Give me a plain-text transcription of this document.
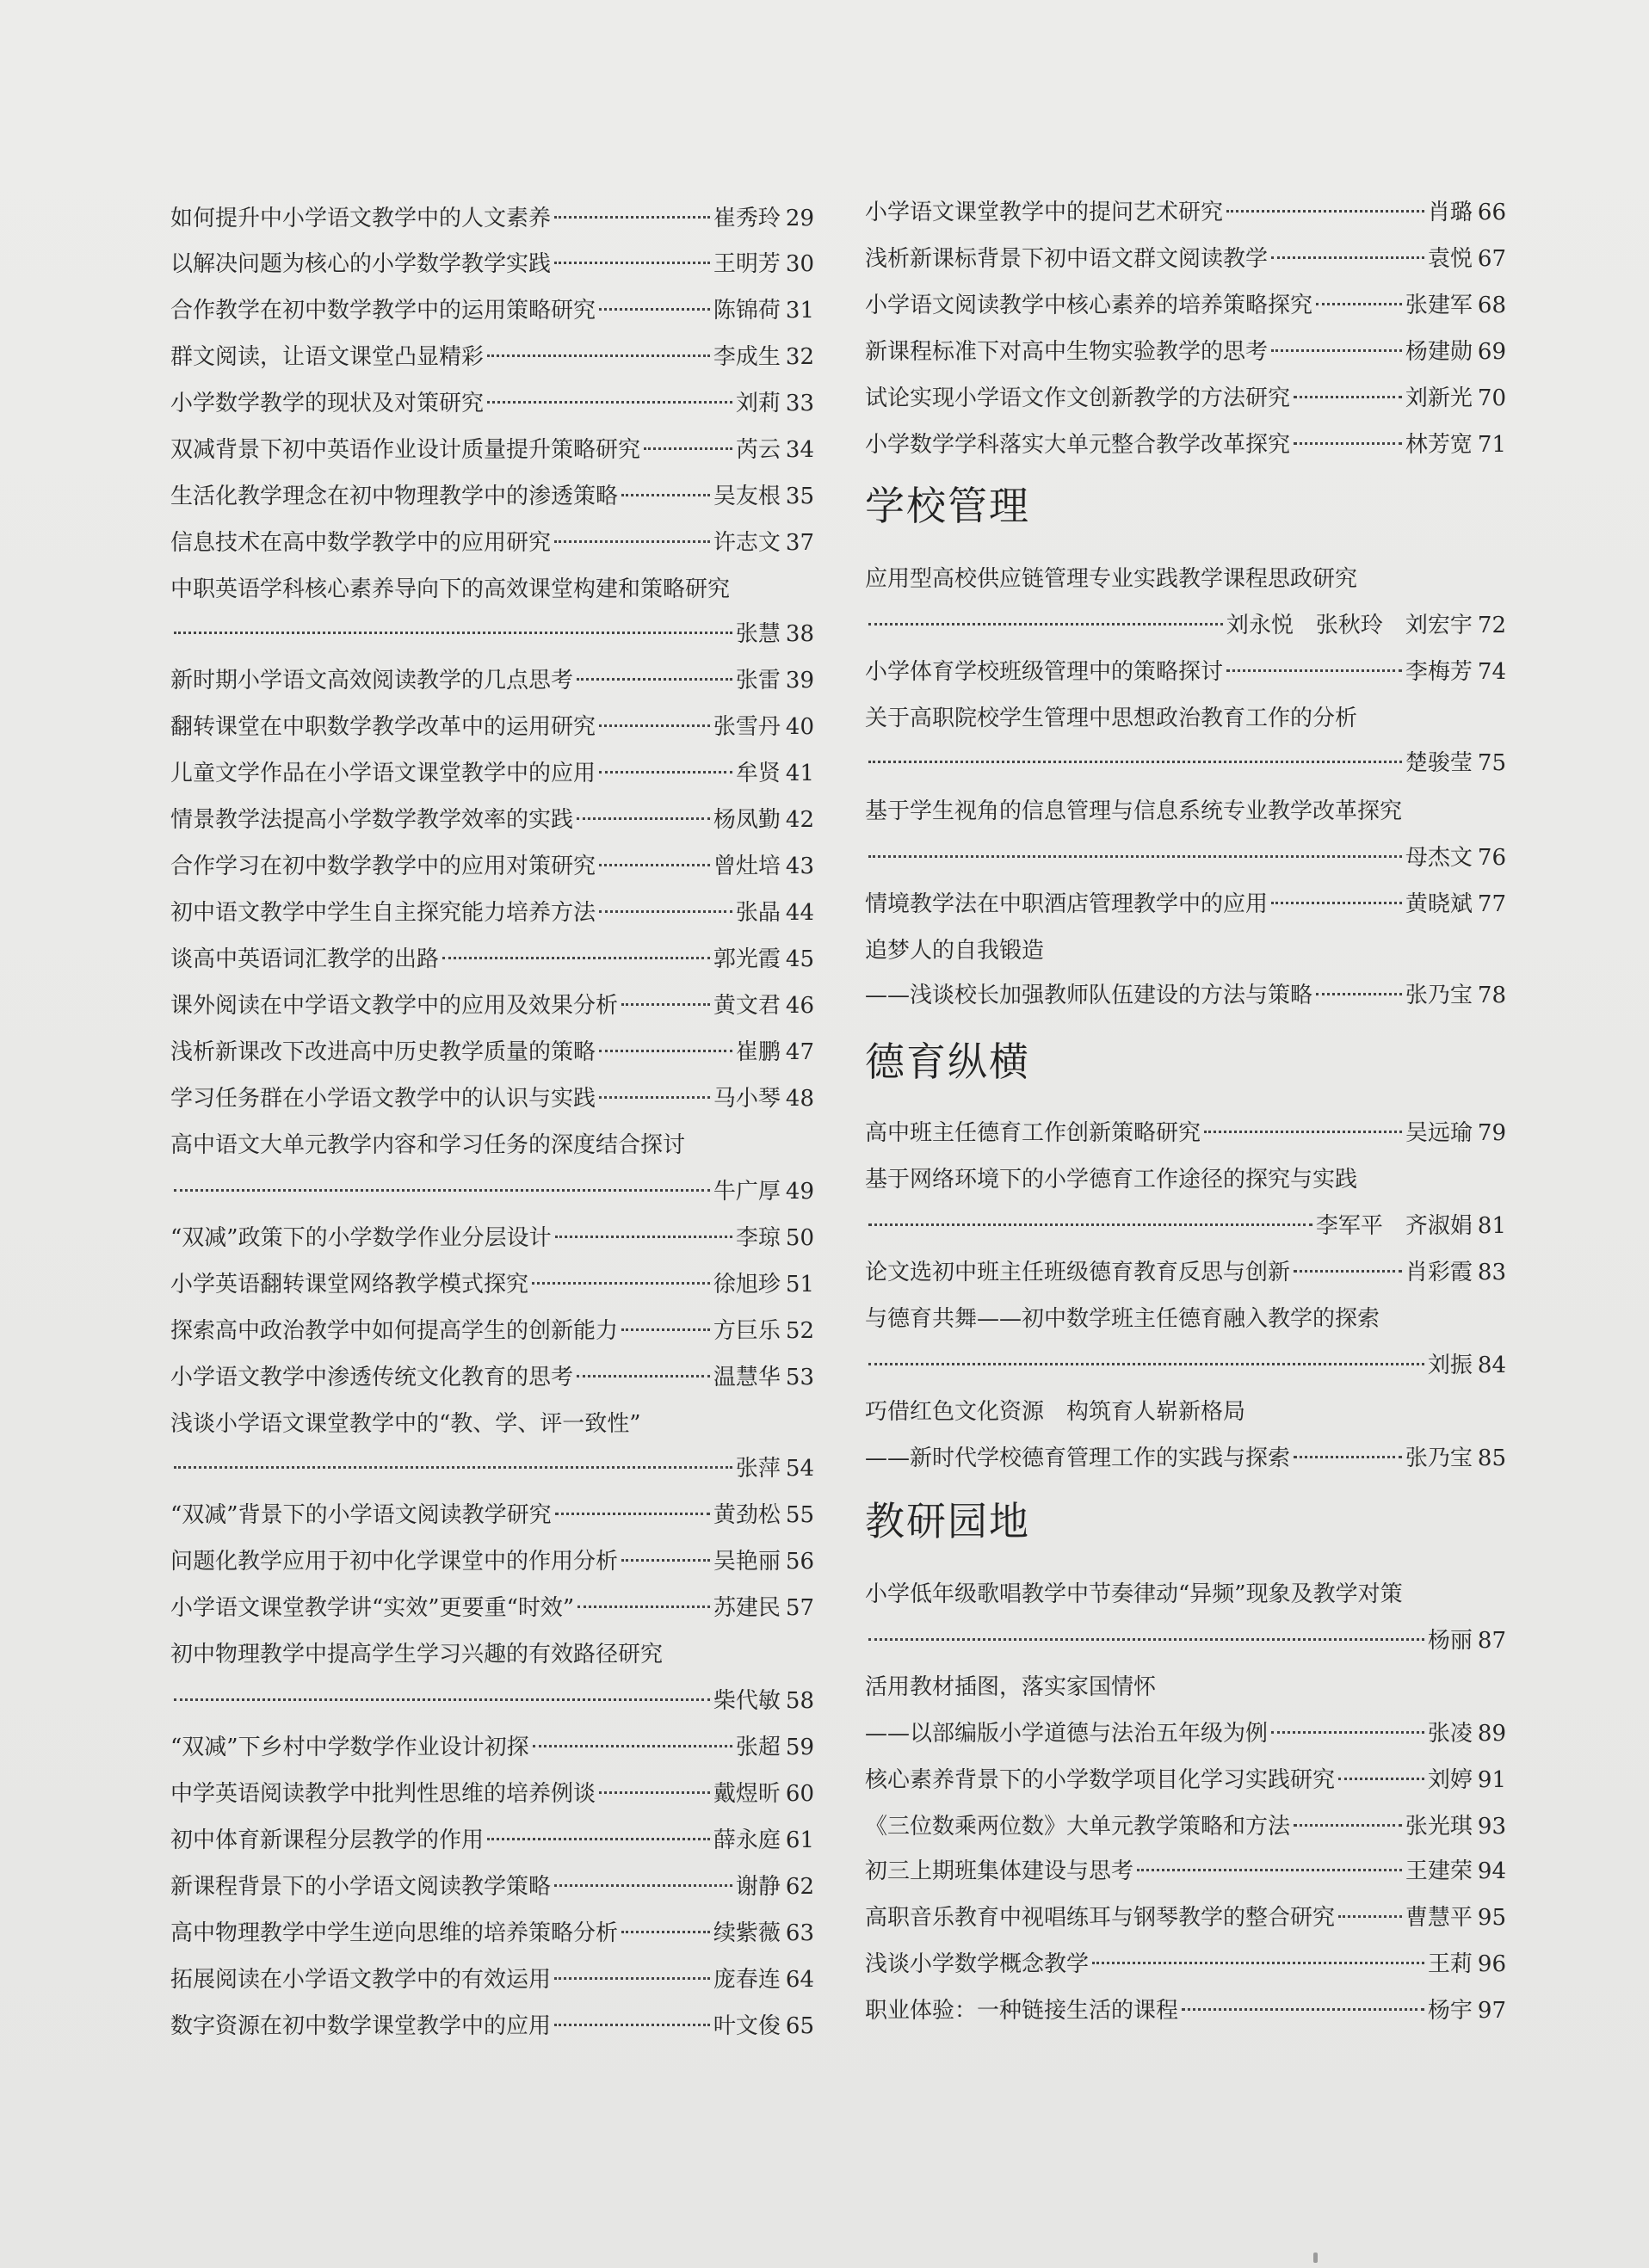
如何提升中小学语文教学中的人文素养	崔秀玲 29
以解决问题为核心的小学数学教学实践	王明芳 30
合作教学在初中数学教学中的运用策略研究	陈锦荷 31
群文阅读，让语文课堂凸显精彩	李成生 32
小学数学教学的现状及对策研究	刘莉 33
双减背景下初中英语作业设计质量提升策略研究	芮云 34
生活化教学理念在初中物理教学中的渗透策略	吴友根 35
信息技术在高中数学教学中的应用研究	许志文 37
中职英语学科核心素养导向下的高效课堂构建和策略研究
张慧 38
新时期小学语文高效阅读教学的几点思考	张雷 39
翻转课堂在中职数学教学改革中的运用研究	张雪丹 40
儿童文学作品在小学语文课堂教学中的应用	牟贤 41
情景教学法提高小学数学教学效率的实践	杨凤勤 42
合作学习在初中数学教学中的应用对策研究	曾灶培 43
初中语文教学中学生自主探究能力培养方法	张晶 44
谈高中英语词汇教学的出路	郭光霞 45
课外阅读在中学语文教学中的应用及效果分析	黄文君 46
浅析新课改下改进高中历史教学质量的策略	崔鹏 47
学习任务群在小学语文教学中的认识与实践	马小琴 48
高中语文大单元教学内容和学习任务的深度结合探讨
牛广厚 49
“双减”政策下的小学数学作业分层设计	李琼 50
小学英语翻转课堂网络教学模式探究	徐旭珍 51
探索高中政治教学中如何提高学生的创新能力	方巨乐 52
小学语文教学中渗透传统文化教育的思考	温慧华 53
浅谈小学语文课堂教学中的“教、学、评一致性”
张萍 54
“双减”背景下的小学语文阅读教学研究	黄劲松 55
问题化教学应用于初中化学课堂中的作用分析	吴艳丽 56
小学语文课堂教学讲“实效”更要重“时效”	苏建民 57
初中物理教学中提高学生学习兴趣的有效路径研究
柴代敏 58
“双减”下乡村中学数学作业设计初探	张超 59
中学英语阅读教学中批判性思维的培养例谈	戴煜昕 60
初中体育新课程分层教学的作用	薛永庭 61
新课程背景下的小学语文阅读教学策略	谢静 62
高中物理教学中学生逆向思维的培养策略分析	续紫薇 63
拓展阅读在小学语文教学中的有效运用	庞春连 64
数字资源在初中数学课堂教学中的应用	叶文俊 65
小学语文课堂教学中的提问艺术研究	肖璐 66
浅析新课标背景下初中语文群文阅读教学	袁悦 67
小学语文阅读教学中核心素养的培养策略探究	张建军 68
新课程标准下对高中生物实验教学的思考	杨建勋 69
试论实现小学语文作文创新教学的方法研究	刘新光 70
小学数学学科落实大单元整合教学改革探究	林芳宽 71
学校管理
应用型高校供应链管理专业实践教学课程思政研究
刘永悦　张秋玲　刘宏宇 72
小学体育学校班级管理中的策略探讨	李梅芳 74
关于高职院校学生管理中思想政治教育工作的分析
楚骏莹 75
基于学生视角的信息管理与信息系统专业教学改革探究
母杰文 76
情境教学法在中职酒店管理教学中的应用	黄晓斌 77
追梦人的自我锻造
——浅谈校长加强教师队伍建设的方法与策略	张乃宝 78
德育纵横
高中班主任德育工作创新策略研究	吴远瑜 79
基于网络环境下的小学德育工作途径的探究与实践
李军平　齐淑娟 81
论文选初中班主任班级德育教育反思与创新	肖彩霞 83
与德育共舞——初中数学班主任德育融入教学的探索
刘振 84
巧借红色文化资源　构筑育人崭新格局
——新时代学校德育管理工作的实践与探索	张乃宝 85
教研园地
小学低年级歌唱教学中节奏律动“异频”现象及教学对策
杨丽 87
活用教材插图，落实家国情怀
——以部编版小学道德与法治五年级为例	张凌 89
核心素养背景下的小学数学项目化学习实践研究	刘婷 91
《三位数乘两位数》大单元教学策略和方法	张光琪 93
初三上期班集体建设与思考	王建荣 94
高职音乐教育中视唱练耳与钢琴教学的整合研究	曹慧平 95
浅谈小学数学概念教学	王莉 96
职业体验：一种链接生活的课程	杨宇 97
